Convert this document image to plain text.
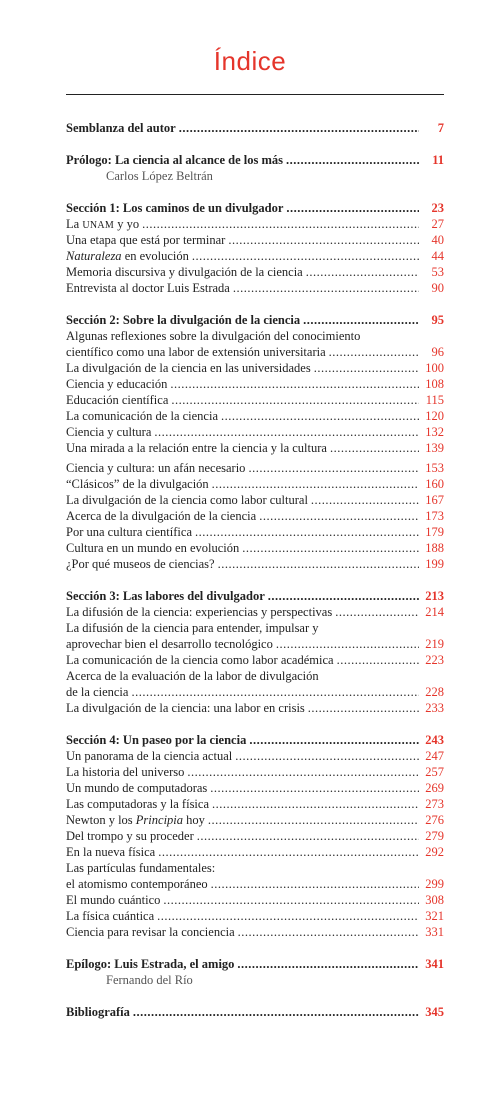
Índice
Semblanza del autor .....	7
Prólogo: La ciencia al alcance de los más .....	11
Carlos López Beltrán
Sección 1: Los caminos de un divulgador .....	23
La UNAM y yo .....	27
Una etapa que está por terminar .....	40
Naturaleza en evolución .....	44
Memoria discursiva y divulgación de la ciencia .....	53
Entrevista al doctor Luis Estrada .....	90
Sección 2: Sobre la divulgación de la ciencia .....	95
Algunas reflexiones sobre la divulgación del conocimiento
científico como una labor de extensión universitaria .....	96
La divulgación de la ciencia en las universidades .....	100
Ciencia y educación .....	108
Educación científica .....	115
La comunicación de la ciencia .....	120
Ciencia y cultura .....	132
Una mirada a la relación entre la ciencia y la cultura .....	139
Ciencia y cultura: un afán necesario .....	153
“Clásicos” de la divulgación .....	160
La divulgación de la ciencia como labor cultural .....	167
Acerca de la divulgación de la ciencia .....	173
Por una cultura científica .....	179
Cultura en un mundo en evolución .....	188
¿Por qué museos de ciencias? .....	199
Sección 3: Las labores del divulgador .....	213
La difusión de la ciencia: experiencias y perspectivas .....	214
La difusión de la ciencia para entender, impulsar y
aprovechar bien el desarrollo tecnológico .....	219
La comunicación de la ciencia como labor académica .....	223
Acerca de la evaluación de la labor de divulgación
de la ciencia .....	228
La divulgación de la ciencia: una labor en crisis .....	233
Sección 4: Un paseo por la ciencia .....	243
Un panorama de la ciencia actual .....	247
La historia del universo .....	257
Un mundo de computadoras .....	269
Las computadoras y la física .....	273
Newton y los Principia hoy .....	276
Del trompo y su proceder .....	279
En la nueva física .....	292
Las partículas fundamentales:
el atomismo contemporáneo .....	299
El mundo cuántico .....	308
La física cuántica .....	321
Ciencia para revisar la conciencia .....	331
Epílogo: Luis Estrada, el amigo .....	341
Fernando del Río
Bibliografía .....	345
